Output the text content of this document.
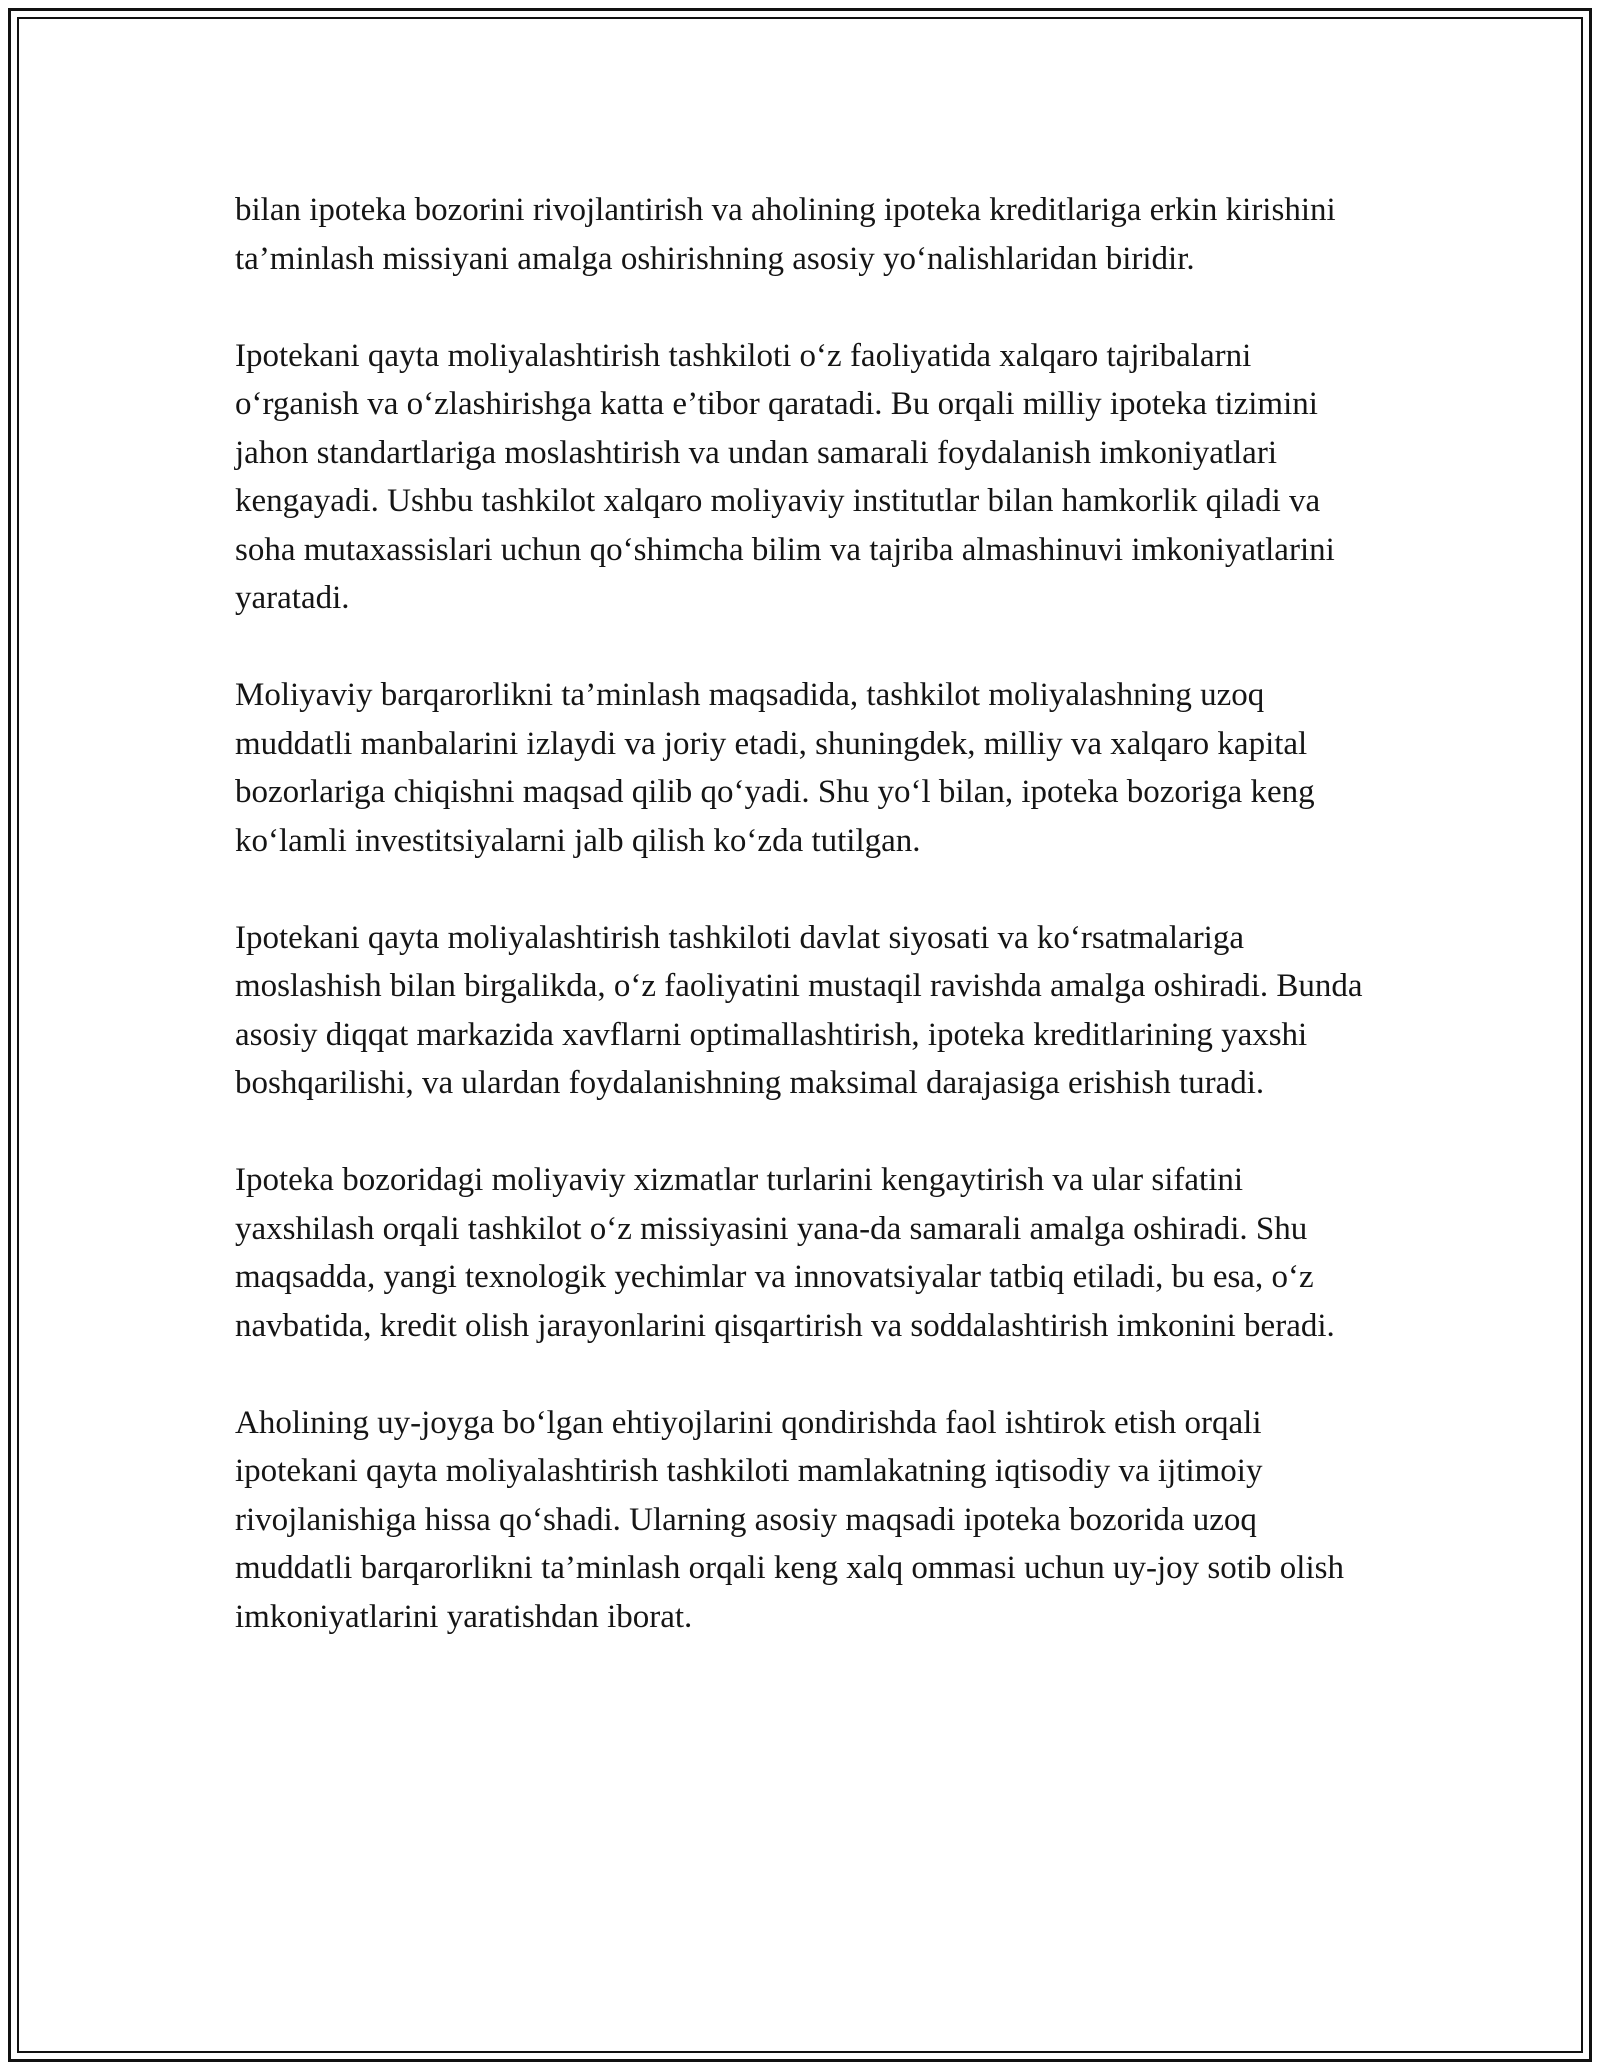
bilan ipoteka bozorini rivojlantirish va aholining ipoteka kreditlariga erkin kirishini ta’minlash missiyani amalga oshirishning asosiy yo‘nalishlaridan biridir.

Ipotekani qayta moliyalashtirish tashkiloti o‘z faoliyatida xalqaro tajribalarni o‘rganish va o‘zlashirishga katta e’tibor qaratadi. Bu orqali milliy ipoteka tizimini jahon standartlariga moslashtirish va undan samarali foydalanish imkoniyatlari kengayadi. Ushbu tashkilot xalqaro moliyaviy institutlar bilan hamkorlik qiladi va soha mutaxassislari uchun qo‘shimcha bilim va tajriba almashinuvi imkoniyatlarini yaratadi.

Moliyaviy barqarorlikni ta’minlash maqsadida, tashkilot moliyalashning uzoq muddatli manbalarini izlaydi va joriy etadi, shuningdek, milliy va xalqaro kapital bozorlariga chiqishni maqsad qilib qo‘yadi. Shu yo‘l bilan, ipoteka bozoriga keng ko‘lamli investitsiyalarni jalb qilish ko‘zda tutilgan.

Ipotekani qayta moliyalashtirish tashkiloti davlat siyosati va ko‘rsatmalariga moslashish bilan birgalikda, o‘z faoliyatini mustaqil ravishda amalga oshiradi. Bunda asosiy diqqat markazida xavflarni optimallashtirish, ipoteka kreditlarining yaxshi boshqarilishi, va ulardan foydalanishning maksimal darajasiga erishish turadi.

Ipoteka bozoridagi moliyaviy xizmatlar turlarini kengaytirish va ular sifatini yaxshilash orqali tashkilot o‘z missiyasini yana-da samarali amalga oshiradi. Shu maqsadda, yangi texnologik yechimlar va innovatsiyalar tatbiq etiladi, bu esa, o‘z navbatida, kredit olish jarayonlarini qisqartirish va soddalashtirish imkonini beradi.

Aholining uy-joyga bo‘lgan ehtiyojlarini qondirishda faol ishtirok etish orqali ipotekani qayta moliyalashtirish tashkiloti mamlakatning iqtisodiy va ijtimoiy rivojlanishiga hissa qo‘shadi. Ularning asosiy maqsadi ipoteka bozorida uzoq muddatli barqarorlikni ta’minlash orqali keng xalq ommasi uchun uy-joy sotib olish imkoniyatlarini yaratishdan iborat.
